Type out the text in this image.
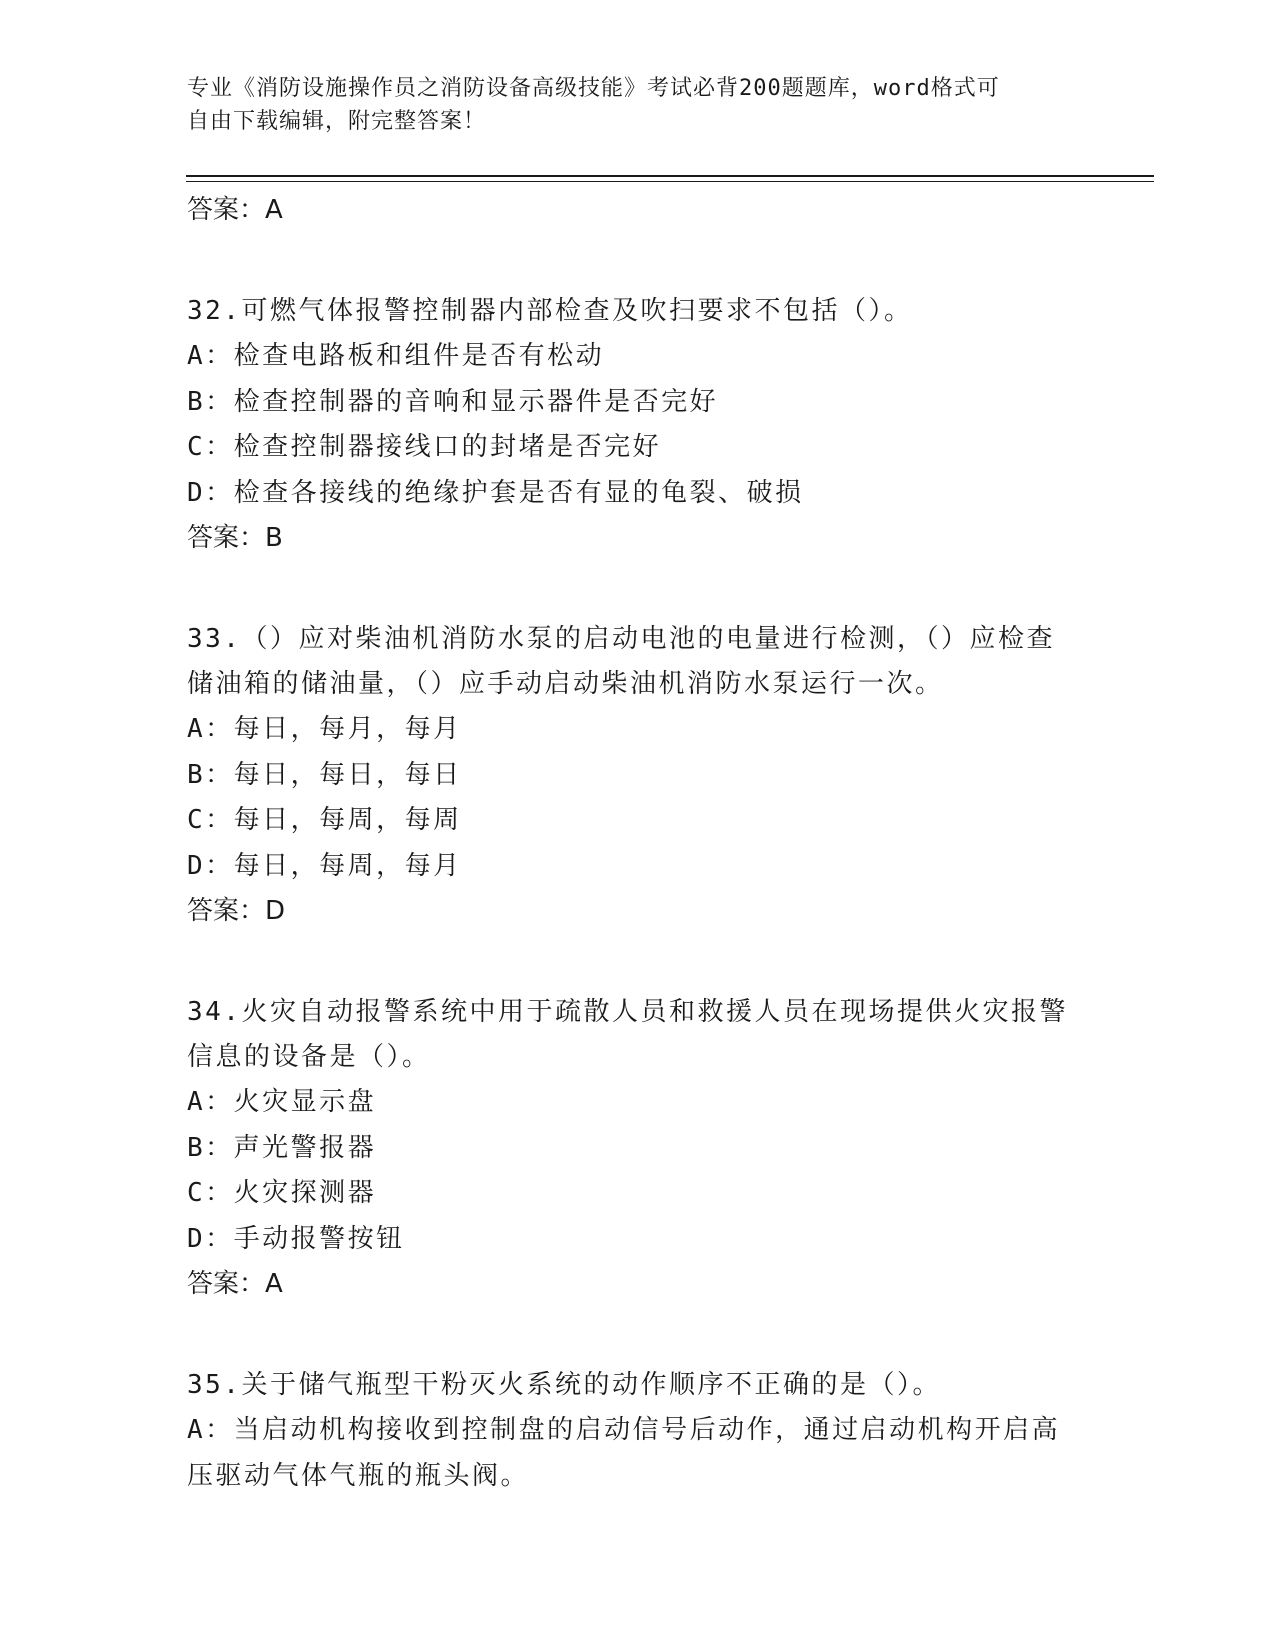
专业《消防设施操作员之消防设备高级技能》考试必背200题题库，word格式可
自由下载编辑，附完整答案！

答案：A

32.可燃气体报警控制器内部检查及吹扫要求不包括（）。

A：检查电路板和组件是否有松动

B：检查控制器的音响和显示器件是否完好

C：检查控制器接线口的封堵是否完好

D：检查各接线的绝缘护套是否有显的龟裂、破损

答案：B

33.（）应对柴油机消防水泵的启动电池的电量进行检测，（）应检查

储油箱的储油量，（）应手动启动柴油机消防水泵运行一次。

A：每日，每月，每月

B：每日，每日，每日

C：每日，每周，每周

D：每日，每周，每月

答案：D

34.火灾自动报警系统中用于疏散人员和救援人员在现场提供火灾报警

信息的设备是（）。

A：火灾显示盘

B：声光警报器

C：火灾探测器

D：手动报警按钮

答案：A

35.关于储气瓶型干粉灭火系统的动作顺序不正确的是（）。

A：当启动机构接收到控制盘的启动信号后动作，通过启动机构开启高

压驱动气体气瓶的瓶头阀。
